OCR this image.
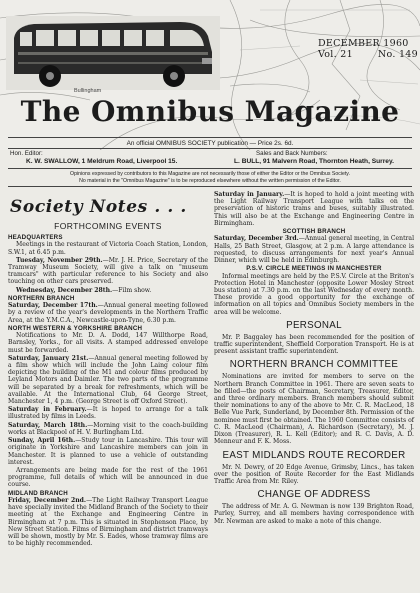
DECEMBER 1960
Vol. 21	No. 149
Bullingham
The Omnibus Magazine
An official OMNIBUS SOCIETY publication — Price 2s. 6d.
Hon. Editor:
K. W. SWALLOW, 1 Meldrum Road, Liverpool 15.
Sales and Back Numbers:
L. BULL, 91 Malvern Road, Thornton Heath, Surrey.
Opinions expressed by contributors to this Magazine are not necessarily those of either the Editor or the Omnibus Society.
No material in the "Omnibus Magazine" is to be reproduced elsewhere without the written permission of the Editor.
Society Notes . . .
FORTHCOMING EVENTS
HEADQUARTERS

Meetings in the restaurant of Victoria Coach Station, London, S.W.1, at 6.45 p.m.

Tuesday, November 29th.—Mr. J. H. Price, Secretary of the Tramway Museum Society, will give a talk on "museum tramcars" with particular reference to his Society and also touching on other cars preserved.

Wednesday, December 28th.—Film show.

NORTHERN BRANCH

Saturday, December 17th.—Annual general meeting followed by a review of the year's developments in the Northern Traffic Area, at the Y.M.C.A., Newcastle-upon-Tyne, 6.30 p.m.

NORTH WESTERN & YORKSHIRE BRANCH

Notifications to Mr. D. A. Dodd, 147 Willthorpe Road, Barnsley, Yorks., for all visits. A stamped addressed envelope must be forwarded.

Saturday, January 21st.—Annual general meeting followed by a film show which will include the John Laing colour film depicting the building of the M1 and colour films produced by Leyland Motors and Daimler. The two parts of the programme will be separated by a break for refreshments, which will be available. At the International Club, 64 George Street, Manchester 1, 4 p.m. (George Street is off Oxford Street).

Saturday in February.—It is hoped to arrange for a talk illustrated by films in Leeds.

Saturday, March 18th.—Morning visit to the coach-building works at Blackpool of H. V. Burlingham Ltd.

Sunday, April 16th.—Study tour in Lancashire. This tour will originate in Yorkshire and Lancashire members can join in Manchester. It is planned to use a vehicle of outstanding interest.

Arrangements are being made for the rest of the 1961 programme, full details of which will be announced in due course.

MIDLAND BRANCH

Friday, December 2nd.—The Light Railway Transport League have specially invited the Midland Branch of the Society to their meeting at the Exchange and Engineering Centre in Birmingham at 7 p.m. This is situated in Stephenson Place, by New Street Station. Films of Birmingham and district tramways will be shown, mostly by Mr. S. Eades, whose tramway films are to be highly recommended.

Saturday in January.—It is hoped to hold a joint meeting with the Light Railway Transport League with talks on the preservation of historic trams and buses, suitably illustrated. This will also be at the Exchange and Engineering Centre in Birmingham.

SCOTTISH BRANCH

Saturday, December 3rd.—Annual general meeting, in Central Halls, 25 Bath Street, Glasgow, at 2 p.m. A large attendance is requested, to discuss arrangements for next year's Annual Dinner, which will be held in Edinburgh.

P.S.V. CIRCLE MEETINGS IN MANCHESTER

Informal meetings are held by the P.S.V. Circle at the Briton's Protection Hotel in Manchester (opposite Lower Mosley Street bus station) at 7.30 p.m. on the last Wednesday of every month. These provide a good opportunity for the exchange of information on all topics and Omnibus Society members in the area will be welcome.

PERSONAL

Mr. P. Baggaley has been recommended for the position of traffic superintendent, Sheffield Corporation Transport. He is at present assistant traffic superintendent.

NORTHERN BRANCH COMMITTEE

Nominations are invited for members to serve on the Northern Branch Committee in 1961. There are seven seats to be filled—the posts of Chairman, Secretary, Treasurer, Editor, and three ordinary members. Branch members should submit their nominations to any of the above to Mr. C. R. MacLeod, 18 Belle Vue Park, Sunderland, by December 8th. Permission of the nominee must first be obtained. The 1960 Committee consists of C. R. MacLeod (Chairman), A. Richardson (Secretary), M. J. Dixon (Treasurer), R. L. Kell (Editor); and R. C. Davis, A. D. Menneur and F. K. Moss.

EAST MIDLANDS ROUTE RECORDER

Mr. N. Dewry, of 20 Edge Avenue, Grimsby, Lincs., has taken over the position of Route Recorder for the East Midlands Traffic Area from Mr. Riley.

CHANGE OF ADDRESS

The address of Mr. A. G. Newman is now 139 Brighton Road, Purley, Surrey, and all members having correspondence with Mr. Newman are asked to make a note of this change.
